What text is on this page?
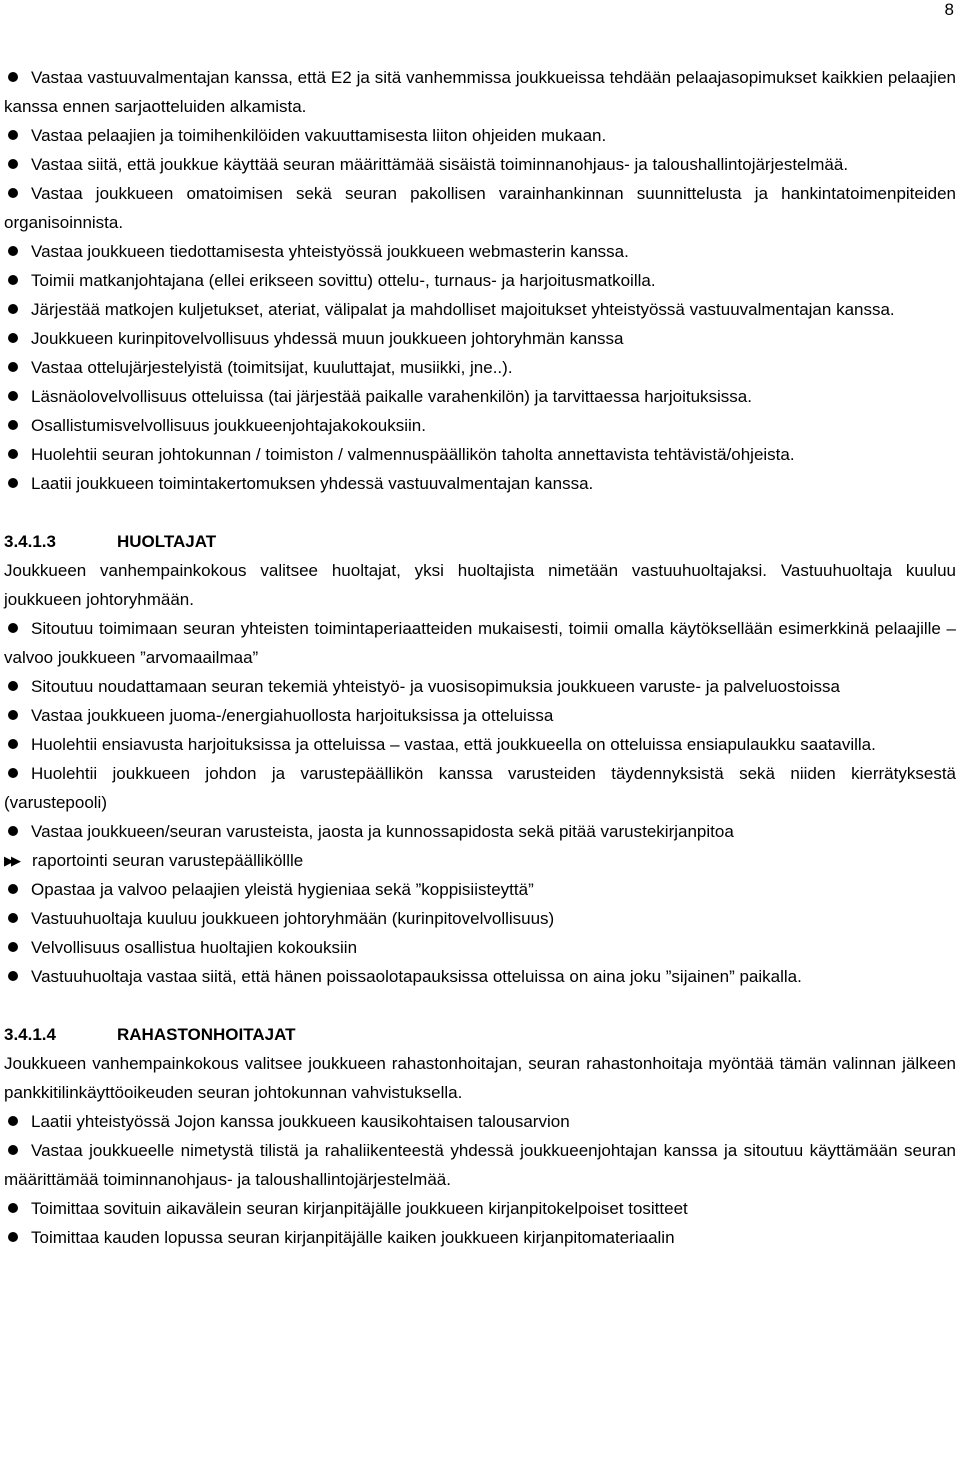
8

Vastaa vastuuvalmentajan kanssa, että E2 ja sitä vanhemmissa joukkueissa tehdään pelaajasopimukset kaikkien pelaajien kanssa ennen sarjaotteluiden alkamista.

Vastaa pelaajien ja toimihenkilöiden vakuuttamisesta liiton ohjeiden mukaan.

Vastaa siitä, että joukkue käyttää seuran määrittämää sisäistä toiminnanohjaus- ja taloushallintojärjestelmää.

Vastaa joukkueen omatoimisen sekä seuran pakollisen varainhankinnan suunnittelusta ja hankintatoimenpiteiden organisoinnista.

Vastaa joukkueen tiedottamisesta yhteistyössä joukkueen webmasterin kanssa.

Toimii matkanjohtajana (ellei erikseen sovittu) ottelu-, turnaus- ja harjoitusmatkoilla.

Järjestää matkojen kuljetukset, ateriat, välipalat ja mahdolliset majoitukset yhteistyössä vastuuvalmentajan kanssa.

Joukkueen kurinpitovelvollisuus yhdessä muun joukkueen johtoryhmän kanssa

Vastaa ottelujärjestelyistä (toimitsijat, kuuluttajat, musiikki, jne..).

Läsnäolovelvollisuus otteluissa (tai järjestää paikalle varahenkilön) ja tarvittaessa harjoituksissa.

Osallistumisvelvollisuus joukkueenjohtajakokouksiin.

Huolehtii seuran johtokunnan / toimiston / valmennuspäällikön taholta annettavista tehtävistä/ohjeista.

Laatii joukkueen toimintakertomuksen yhdessä vastuuvalmentajan kanssa.

3.4.1.3	HUOLTAJAT

Joukkueen vanhempainkokous valitsee huoltajat, yksi huoltajista nimetään vastuuhuoltajaksi. Vastuuhuoltaja kuuluu joukkueen johtoryhmään.

Sitoutuu toimimaan seuran yhteisten toimintaperiaatteiden mukaisesti, toimii omalla käytöksellään esimerkkinä pelaajille – valvoo joukkueen ”arvomaailmaa”

Sitoutuu noudattamaan seuran tekemiä yhteistyö- ja vuosisopimuksia joukkueen varuste- ja palveluostoissa

Vastaa joukkueen juoma-/energiahuollosta harjoituksissa ja otteluissa

Huolehtii ensiavusta harjoituksissa ja otteluissa – vastaa, että joukkueella on otteluissa ensiapulaukku saatavilla.

Huolehtii joukkueen johdon ja varustepäällikön kanssa varusteiden täydennyksistä sekä niiden kierrätyksestä (varustepooli)

Vastaa joukkueen/seuran varusteista, jaosta ja kunnossapidosta sekä pitää varustekirjanpitoa

▶▶ raportointi seuran varustepäälliköllle

Opastaa ja valvoo pelaajien yleistä hygieniaa sekä ”koppisiisteyttä”

Vastuuhuoltaja kuuluu joukkueen johtoryhmään (kurinpitovelvollisuus)

Velvollisuus osallistua huoltajien kokouksiin

Vastuuhuoltaja vastaa siitä, että hänen poissaolotapauksissa otteluissa on aina joku ”sijainen” paikalla.

3.4.1.4	RAHASTONHOITAJAT

Joukkueen vanhempainkokous valitsee joukkueen rahastonhoitajan, seuran rahastonhoitaja myöntää tämän valinnan jälkeen pankkitilinkäyttöoikeuden seuran johtokunnan vahvistuksella.

Laatii yhteistyössä Jojon kanssa joukkueen kausikohtaisen talousarvion

Vastaa joukkueelle nimetystä tilistä ja rahaliikenteestä yhdessä joukkueenjohtajan kanssa ja sitoutuu käyttämään seuran määrittämää toiminnanohjaus- ja taloushallintojärjestelmää.

Toimittaa sovituin aikavälein seuran kirjanpitäjälle joukkueen kirjanpitokelpoiset tositteet

Toimittaa kauden lopussa seuran kirjanpitäjälle kaiken joukkueen kirjanpitomateriaalin
